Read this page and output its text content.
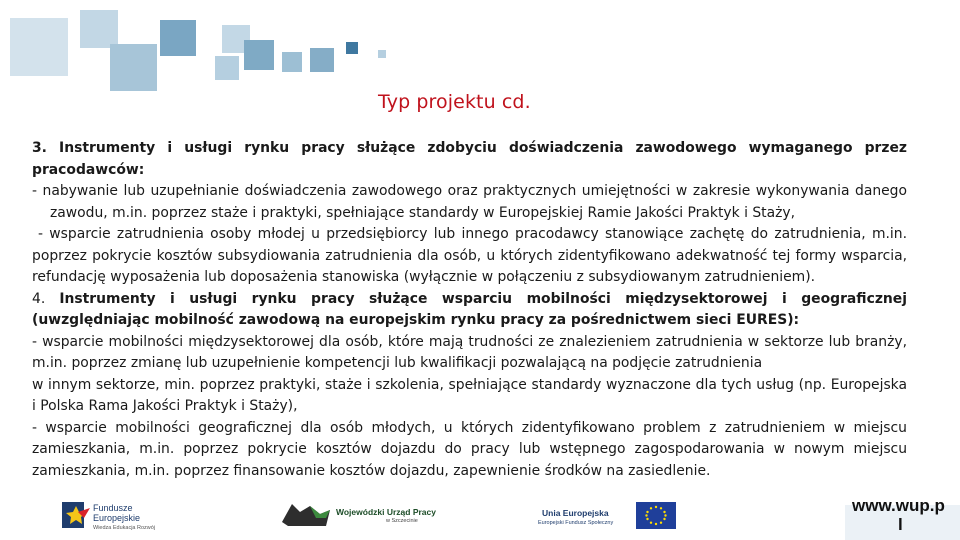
Typ projektu cd.

3. Instrumenty i usługi rynku pracy służące zdobyciu doświadczenia zawodowego wymaganego przez pracodawców:

- nabywanie lub uzupełnianie doświadczenia zawodowego oraz praktycznych umiejętności w zakresie wykonywania danego zawodu, m.in. poprzez staże i praktyki, spełniające standardy w Europejskiej Ramie Jakości Praktyk i Staży,

- wsparcie zatrudnienia osoby młodej u przedsiębiorcy lub innego pracodawcy stanowiące zachętę do zatrudnienia, m.in. poprzez pokrycie kosztów subsydiowania zatrudnienia dla osób, u których zidentyfikowano adekwatność tej formy wsparcia, refundację wyposażenia lub doposażenia stanowiska (wyłącznie w połączeniu z subsydiowanym zatrudnieniem).

4. Instrumenty i usługi rynku pracy służące wsparciu mobilności międzysektorowej i geograficznej (uwzględniając mobilność zawodową na europejskim rynku pracy za pośrednictwem sieci EURES):

- wsparcie mobilności międzysektorowej dla osób, które mają trudności ze znalezieniem zatrudnienia w sektorze lub branży, m.in. poprzez zmianę lub uzupełnienie kompetencji lub kwalifikacji pozwalającą na podjęcie zatrudnienia

w innym sektorze, min. poprzez praktyki, staże i szkolenia, spełniające standardy wyznaczone dla tych usług (np. Europejska i Polska Rama Jakości Praktyk i Staży),

- wsparcie mobilności geograficznej dla osób młodych, u których zidentyfikowano problem z zatrudnieniem w miejscu zamieszkania, m.in. poprzez pokrycie kosztów dojazdu do pracy lub wstępnego zagospodarowania w nowym miejscu zamieszkania, m.in. poprzez finansowanie kosztów dojazdu, zapewnienie środków na zasiedlenie.

Fundusze
Europejskie
Wiedza Edukacja Rozwój
Wojewódzki Urząd Pracy
w Szczecinie
Unia Europejska
Europejski Fundusz Społeczny
www.wup.p
l
